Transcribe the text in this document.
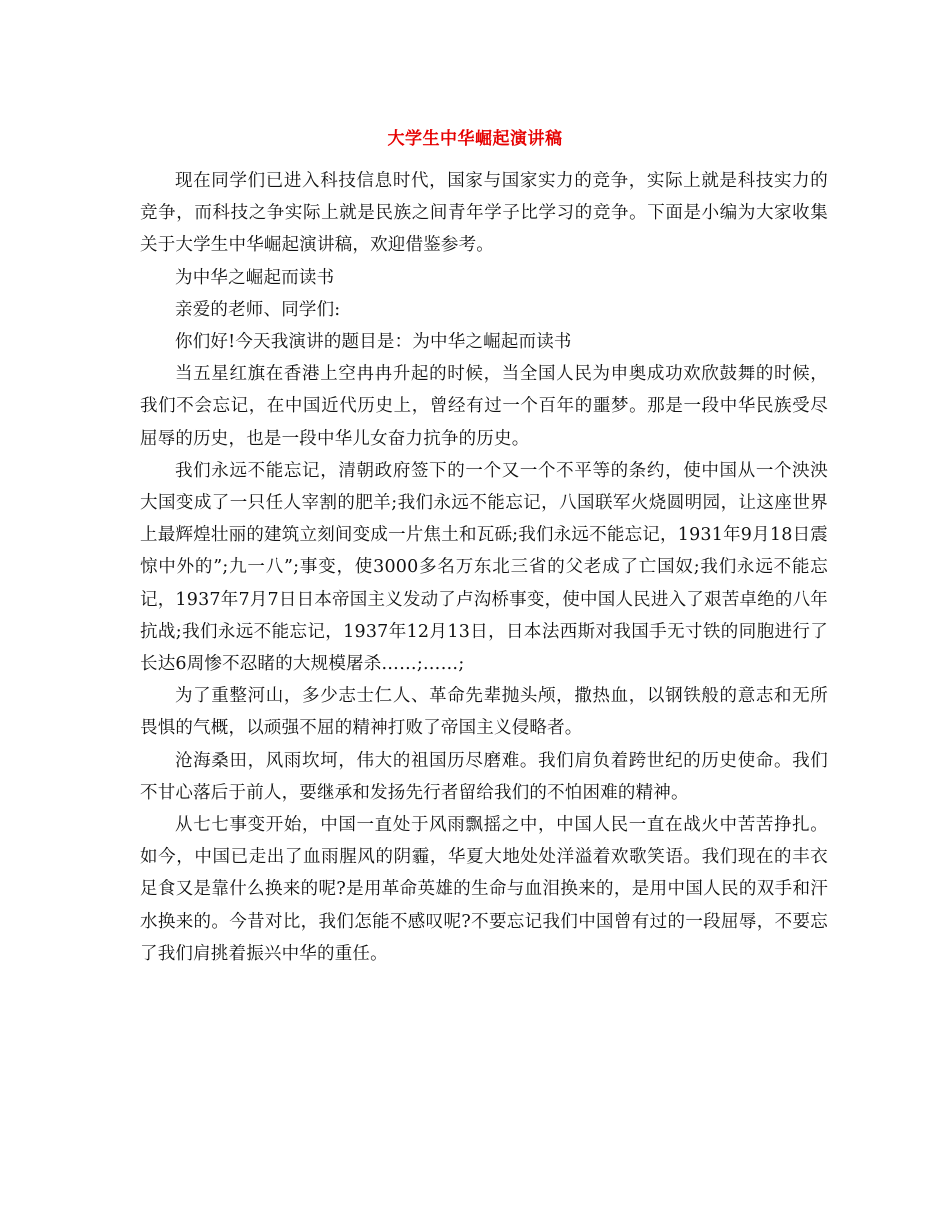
大学生中华崛起演讲稿

现在同学们已进入科技信息时代，国家与国家实力的竞争，实际上就是科技实力的竞争，而科技之争实际上就是民族之间青年学子比学习的竞争。下面是小编为大家收集关于大学生中华崛起演讲稿，欢迎借鉴参考。

为中华之崛起而读书

亲爱的老师、同学们:

你们好!今天我演讲的题目是：为中华之崛起而读书

当五星红旗在香港上空冉冉升起的时候，当全国人民为申奥成功欢欣鼓舞的时候，我们不会忘记，在中国近代历史上，曾经有过一个百年的噩梦。那是一段中华民族受尽屈辱的历史，也是一段中华儿女奋力抗争的历史。

我们永远不能忘记，清朝政府签下的一个又一个不平等的条约，使中国从一个泱泱大国变成了一只任人宰割的肥羊;我们永远不能忘记，八国联军火烧圆明园，让这座世界上最辉煌壮丽的建筑立刻间变成一片焦土和瓦砾;我们永远不能忘记，1931年9月18日震惊中外的”;九一八”;事变，使3000多名万东北三省的父老成了亡国奴;我们永远不能忘记，1937年7月7日日本帝国主义发动了卢沟桥事变，使中国人民进入了艰苦卓绝的八年抗战;我们永远不能忘记，1937年12月13日，日本法西斯对我国手无寸铁的同胞进行了长达6周惨不忍睹的大规模屠杀……;……;

为了重整河山，多少志士仁人、革命先辈抛头颅，撒热血，以钢铁般的意志和无所畏惧的气概，以顽强不屈的精神打败了帝国主义侵略者。

沧海桑田，风雨坎坷，伟大的祖国历尽磨难。我们肩负着跨世纪的历史使命。我们不甘心落后于前人，要继承和发扬先行者留给我们的不怕困难的精神。

从七七事变开始，中国一直处于风雨飘摇之中，中国人民一直在战火中苦苦挣扎。如今，中国已走出了血雨腥风的阴霾，华夏大地处处洋溢着欢歌笑语。我们现在的丰衣足食又是靠什么换来的呢?是用革命英雄的生命与血泪换来的，是用中国人民的双手和汗水换来的。今昔对比，我们怎能不感叹呢?不要忘记我们中国曾有过的一段屈辱，不要忘了我们肩挑着振兴中华的重任。
